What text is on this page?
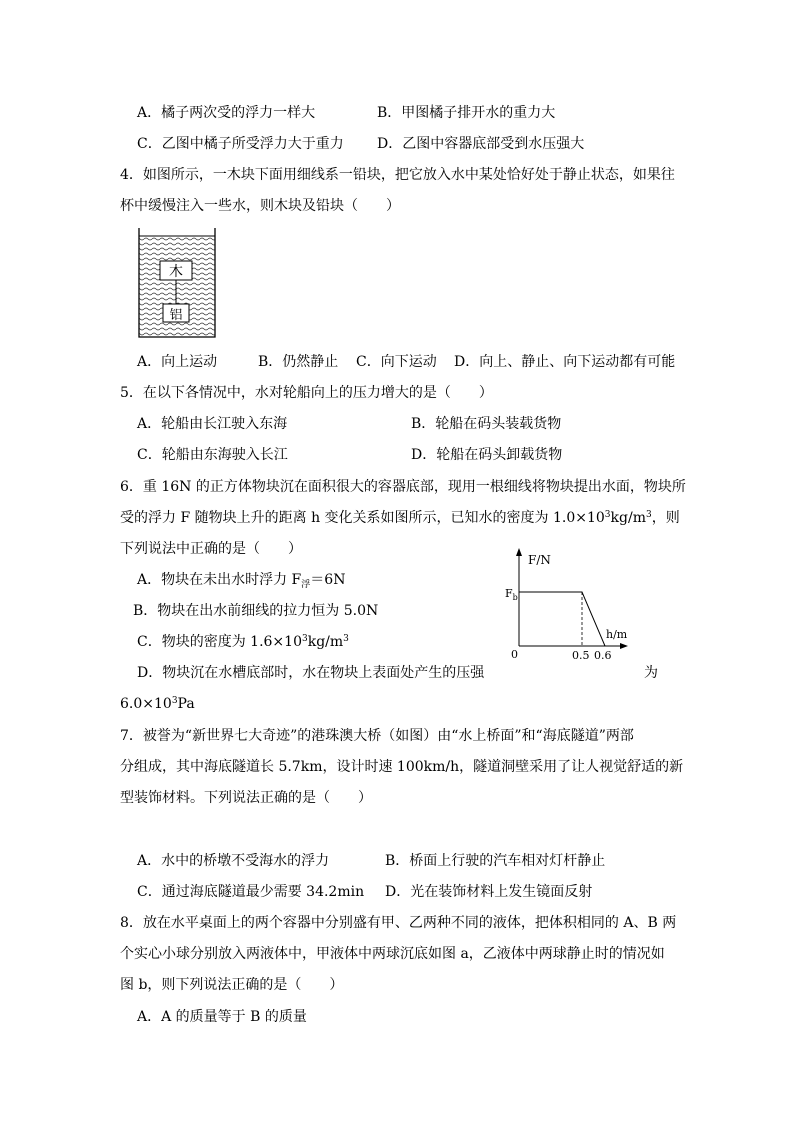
A．橘子两次受的浮力一样大	B．甲图橘子排开水的重力大
C．乙图中橘子所受浮力大于重力 D．乙图中容器底部受到水压强大
4．如图所示，一木块下面用细线系一铅块，把它放入水中某处恰好处于静止状态，如果往
杯中缓慢注入一些水，则木块及铅块（　　）
木
铝
A．向上运动	B．仍然静止 C．向下运动 D．向上、静止、向下运动都有可能
5．在以下各情况中，水对轮船向上的压力增大的是（　　）
A．轮船由长江驶入东海	B．轮船在码头装载货物
C．轮船由东海驶入长江	D．轮船在码头卸载货物
6．重 16N 的正方体物块沉在面积很大的容器底部，现用一根细线将物块提出水面，物块所
受的浮力 F 随物块上升的距离 h 变化关系如图所示，已知水的密度为 $1.0\times 10^3kg/m^3$，则
下列说法中正确的是（　　）
A．物块在未出水时浮力 $F_浮=6N$
B．物块在出水前细线的拉力恒为 5.0N
C．物块的密度为 $1.6\times 10^3kg/m^3$
D．物块沉在水槽底部时，水在物块上表面处产生的压强	为
$6.0\times 10^3Pa$
F/N
$F_b$
h/m
0	0.5 0.6
7．被誉为“新世界七大奇迹”的港珠澳大桥（如图）由“水上桥面”和“海底隧道”两部
分组成，其中海底隧道长 5.7km，设计时速 100km/h，隧道洞壁采用了让人视觉舒适的新
型装饰材料。下列说法正确的是（　　）
A．水中的桥墩不受海水的浮力	B．桥面上行驶的汽车相对灯杆静止
C．通过海底隧道最少需要 34.2min D．光在装饰材料上发生镜面反射
8．放在水平桌面上的两个容器中分别盛有甲、乙两种不同的液体，把体积相同的 A、B 两
个实心小球分别放入两液体中，甲液体中两球沉底如图 a，乙液体中两球静止时的情况如
图 b，则下列说法正确的是（　　）
A．A 的质量等于 B 的质量
